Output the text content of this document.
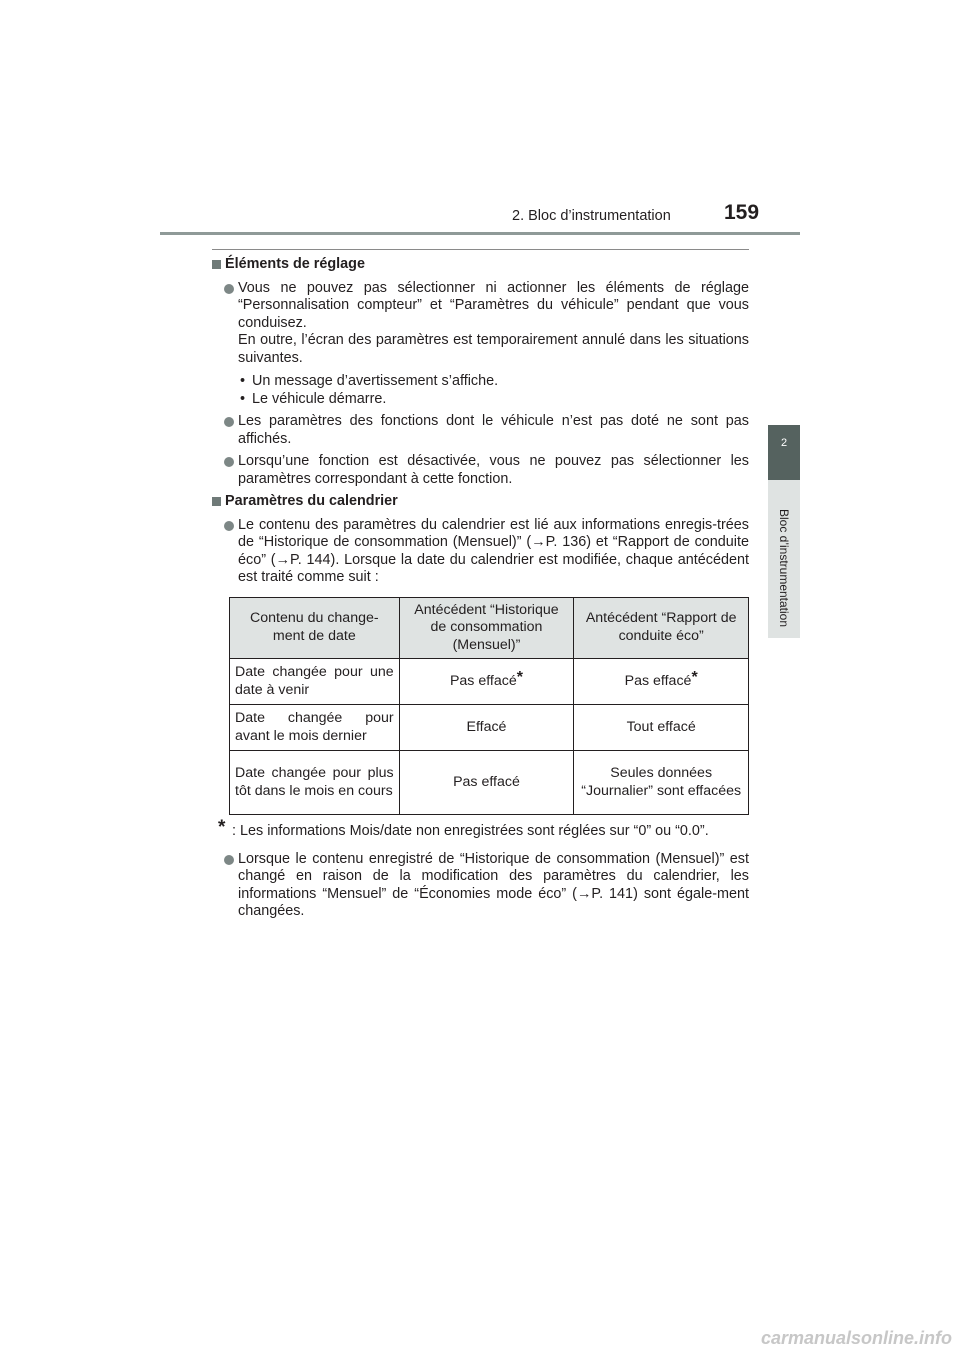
2. Bloc d’instrumentation	159
2
Bloc d’instrumentation
Éléments de réglage

Vous ne pouvez pas sélectionner ni actionner les éléments de réglage “Personnalisation compteur” et “Paramètres du véhicule” pendant que vous conduisez.

En outre, l’écran des paramètres est temporairement annulé dans les situations suivantes.

• Un message d’avertissement s’affiche.
• Le véhicule démarre.

Les paramètres des fonctions dont le véhicule n’est pas doté ne sont pas affichés.

Lorsqu’une fonction est désactivée, vous ne pouvez pas sélectionner les paramètres correspondant à cette fonction.

Paramètres du calendrier

Le contenu des paramètres du calendrier est lié aux informations enregis-trées de “Historique de consommation (Mensuel)” (→P. 136) et “Rapport de conduite éco” (→P. 144). Lorsque la date du calendrier est modifiée, chaque antécédent est traité comme suit :

Contenu du change-ment de date	Antécédent “Historique de consommation (Mensuel)”	Antécédent “Rapport de conduite éco”
Date changée pour une date à venir	Pas effacé*	Pas effacé*
Date changée pour avant le mois dernier	Effacé	Tout effacé
Date changée pour plus tôt dans le mois en cours	Pas effacé	Seules données “Journalier” sont effacées
* : Les informations Mois/date non enregistrées sont réglées sur “0” ou “0.0”.

Lorsque le contenu enregistré de “Historique de consommation (Mensuel)” est changé en raison de la modification des paramètres du calendrier, les informations “Mensuel” de “Économies mode éco” (→P. 141) sont égale-ment changées.

carmanualsonline.info
